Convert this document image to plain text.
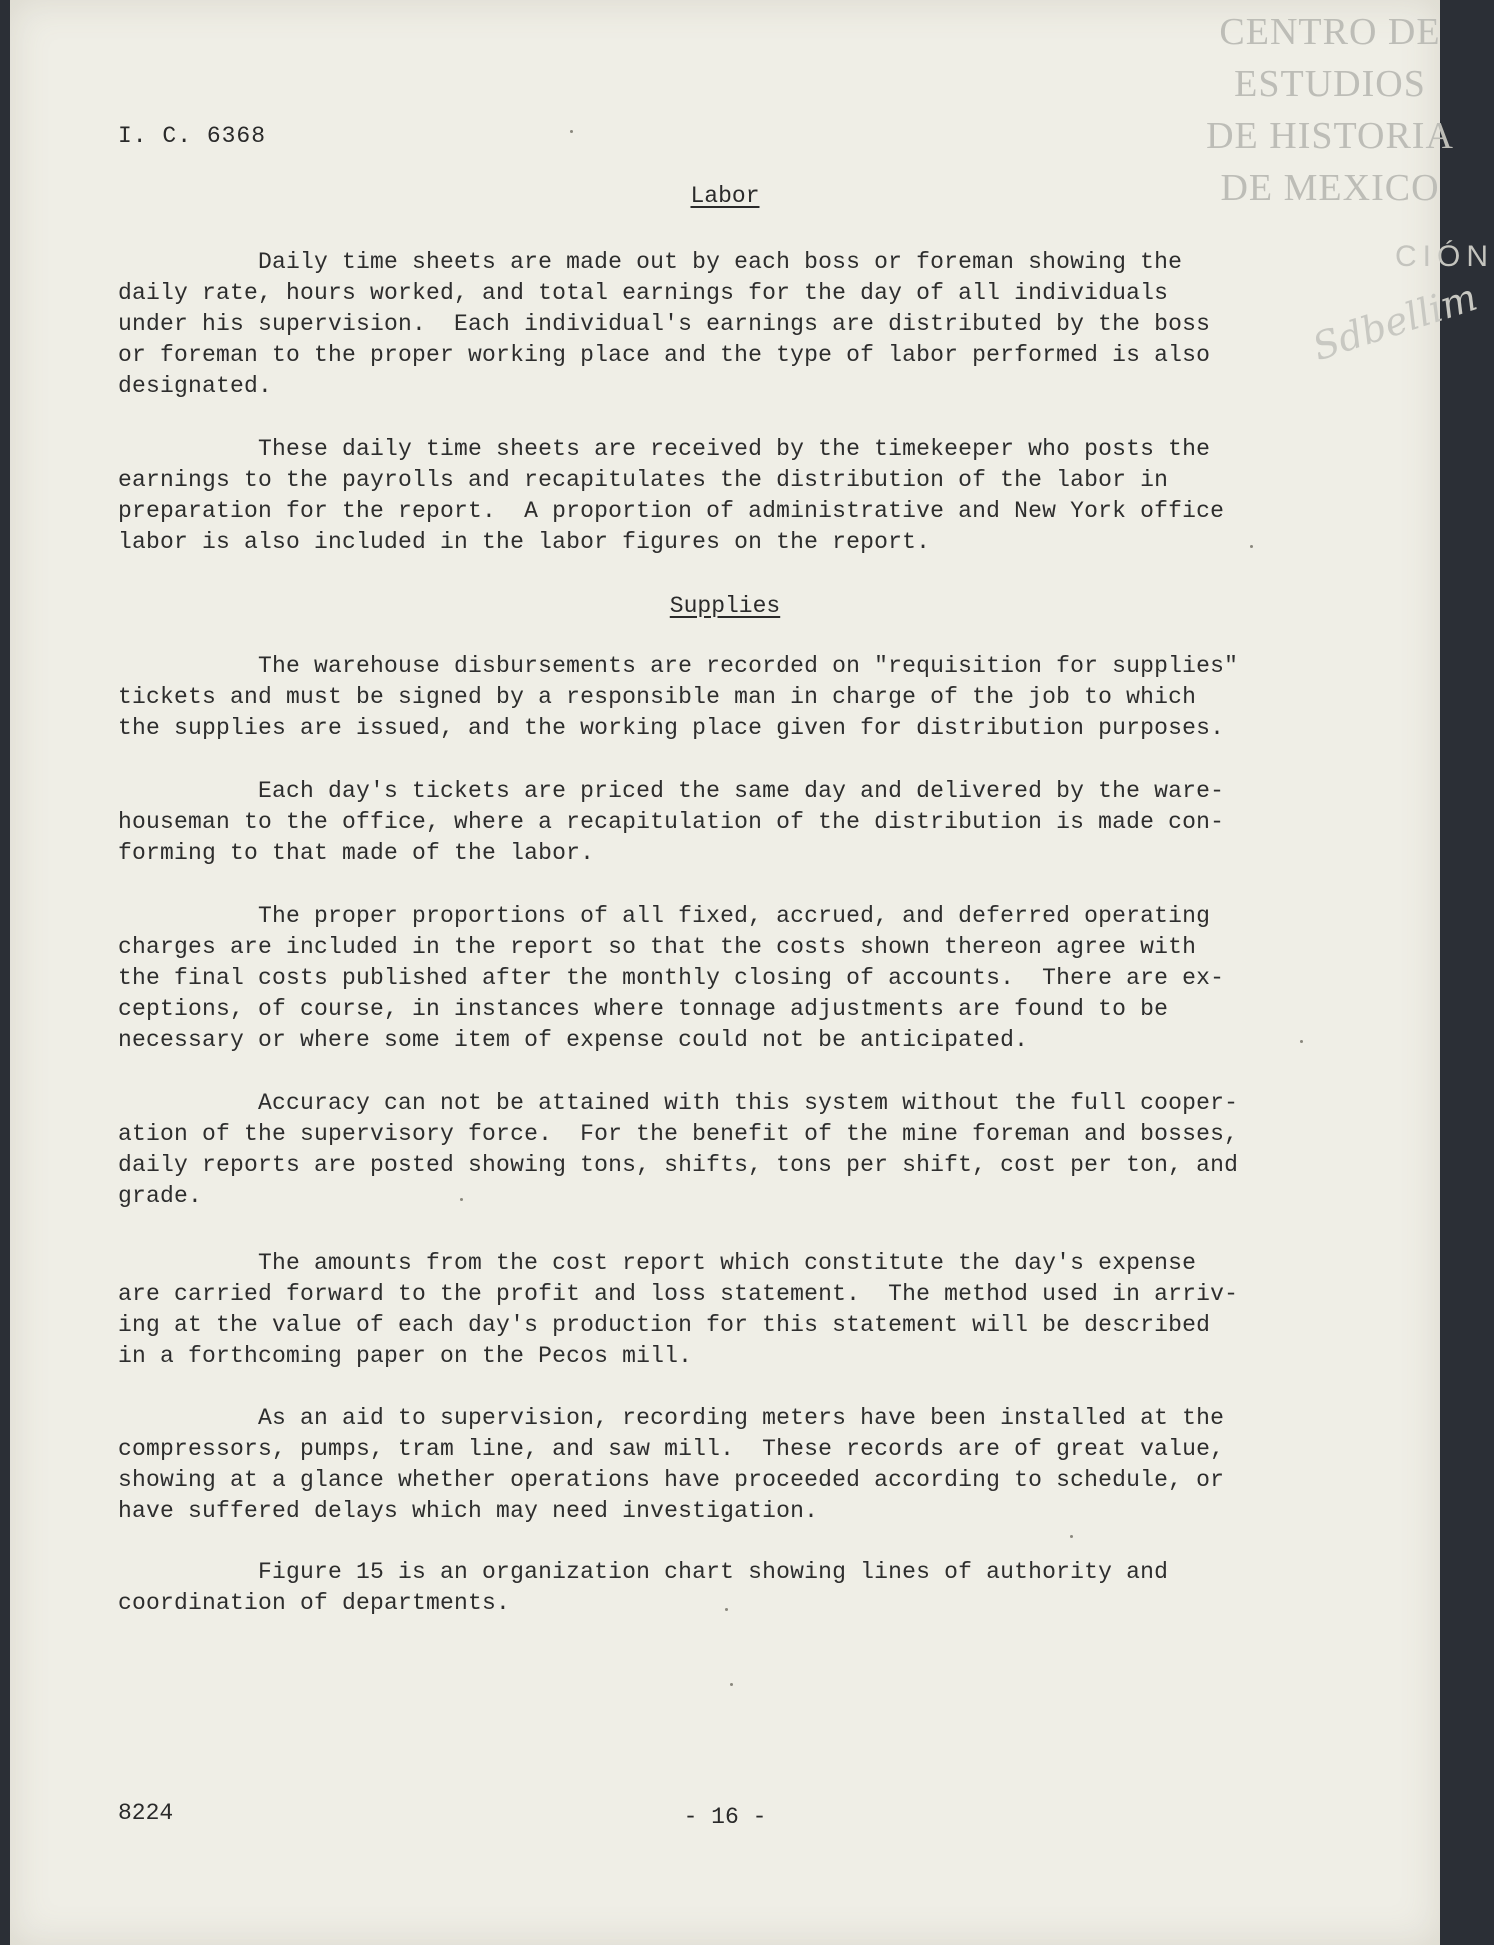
CENTRO DE
ESTUDIOS
DE HISTORIA
DE MEXICO
CIÓN
Sdbellim
I. C. 6368
Labor
Daily time sheets are made out by each boss or foreman showing the
daily rate, hours worked, and total earnings for the day of all individuals
under his supervision.  Each individual's earnings are distributed by the boss
or foreman to the proper working place and the type of labor performed is also
designated.
These daily time sheets are received by the timekeeper who posts the
earnings to the payrolls and recapitulates the distribution of the labor in
preparation for the report.  A proportion of administrative and New York office
labor is also included in the labor figures on the report.
Supplies
The warehouse disbursements are recorded on "requisition for supplies"
tickets and must be signed by a responsible man in charge of the job to which
the supplies are issued, and the working place given for distribution purposes.
Each day's tickets are priced the same day and delivered by the ware-
houseman to the office, where a recapitulation of the distribution is made con-
forming to that made of the labor.
The proper proportions of all fixed, accrued, and deferred operating
charges are included in the report so that the costs shown thereon agree with
the final costs published after the monthly closing of accounts.  There are ex-
ceptions, of course, in instances where tonnage adjustments are found to be
necessary or where some item of expense could not be anticipated.
Accuracy can not be attained with this system without the full cooper-
ation of the supervisory force.  For the benefit of the mine foreman and bosses,
daily reports are posted showing tons, shifts, tons per shift, cost per ton, and
grade.
The amounts from the cost report which constitute the day's expense
are carried forward to the profit and loss statement.  The method used in arriv-
ing at the value of each day's production for this statement will be described
in a forthcoming paper on the Pecos mill.
As an aid to supervision, recording meters have been installed at the
compressors, pumps, tram line, and saw mill.  These records are of great value,
showing at a glance whether operations have proceeded according to schedule, or
have suffered delays which may need investigation.
Figure 15 is an organization chart showing lines of authority and
coordination of departments.
8224	- 16 -
